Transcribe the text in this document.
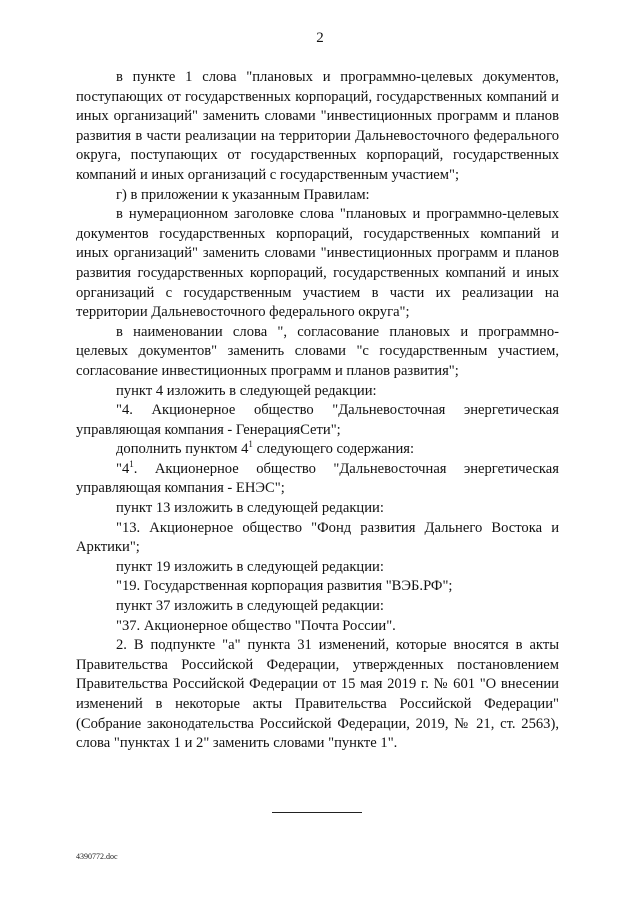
2

в пункте 1 слова "плановых и программно-целевых документов, поступающих от государственных корпораций, государственных компаний и иных организаций" заменить словами "инвестиционных программ и планов развития в части реализации на территории Дальневосточного федерального округа, поступающих от государственных корпораций, государственных компаний и иных организаций с государственным участием";

г) в приложении к указанным Правилам:

в нумерационном заголовке слова "плановых и программно-целевых документов государственных корпораций, государственных компаний и иных организаций" заменить словами "инвестиционных программ и планов развития государственных корпораций, государственных компаний и иных организаций с государственным участием в части их реализации на территории Дальневосточного федерального округа";

в наименовании слова ", согласование плановых и программно-целевых документов" заменить словами "с государственным участием, согласование инвестиционных программ и планов развития";

пункт 4 изложить в следующей редакции:

"4. Акционерное общество "Дальневосточная энергетическая управляющая компания - ГенерацияСети";

дополнить пунктом $4^1$ следующего содержания:

"$4^1$. Акционерное общество "Дальневосточная энергетическая управляющая компания - ЕНЭС";

пункт 13 изложить в следующей редакции:

"13. Акционерное общество "Фонд развития Дальнего Востока и Арктики";

пункт 19 изложить в следующей редакции:

"19. Государственная корпорация развития "ВЭБ.РФ";

пункт 37 изложить в следующей редакции:

"37. Акционерное общество "Почта России".

2. В подпункте "а" пункта 31 изменений, которые вносятся в акты Правительства Российской Федерации, утвержденных постановлением Правительства Российской Федерации от 15 мая 2019 г. № 601 "О внесении изменений в некоторые акты Правительства Российской Федерации" (Собрание законодательства Российской Федерации, 2019, № 21, ст. 2563), слова "пунктах 1 и 2" заменить словами "пункте 1".

4390772.doc
